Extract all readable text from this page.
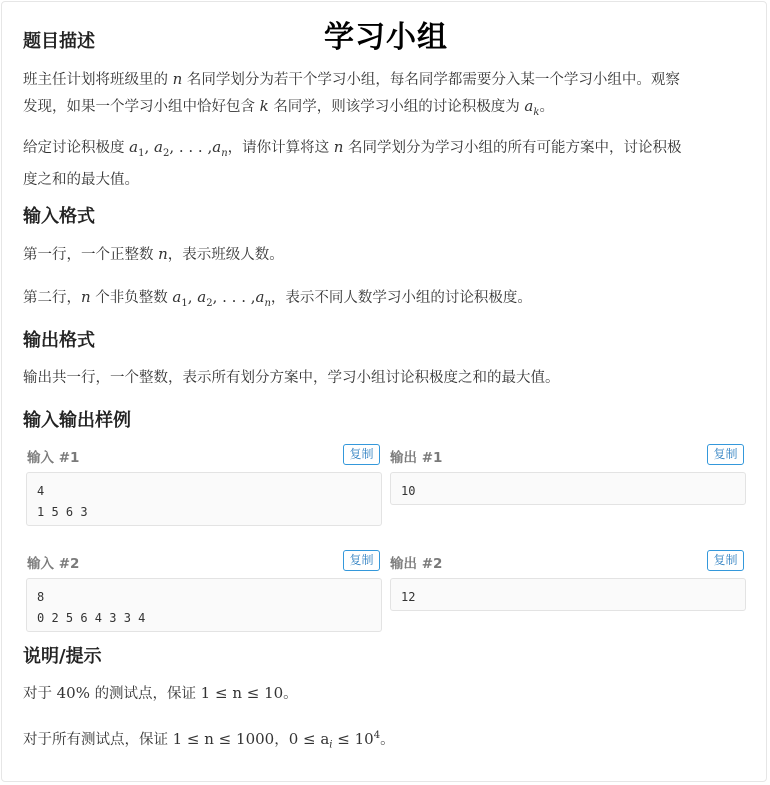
学习小组
题目描述
班主任计划将班级里的 n 名同学划分为若干个学习小组，每名同学都需要分入某一个学习小组中。观察
发现，如果一个学习小组中恰好包含 k 名同学，则该学习小组的讨论积极度为 $a_k$。
给定讨论积极度 $a_1$, $a_2$, . . . $,a_n$，请你计算将这 n 名同学划分为学习小组的所有可能方案中，讨论积极
度之和的最大值。
输入格式
第一行，一个正整数 n，表示班级人数。
第二行，n 个非负整数 $a_1$, $a_2$, . . . $,a_n$，表示不同人数学习小组的讨论积极度。
输出格式
输出共一行，一个整数，表示所有划分方案中，学习小组讨论积极度之和的最大值。
输入输出样例
输入 #1	复制
4
1 5 6 3
输出 #1	复制
10
输入 #2	复制
8
0 2 5 6 4 3 3 4
输出 #2	复制
12
说明/提示
对于 40% 的测试点，保证 1 ≤ n ≤ 10。
对于所有测试点，保证 1 ≤ n ≤ 1000，$0 \le a_i \le 10^4$。
